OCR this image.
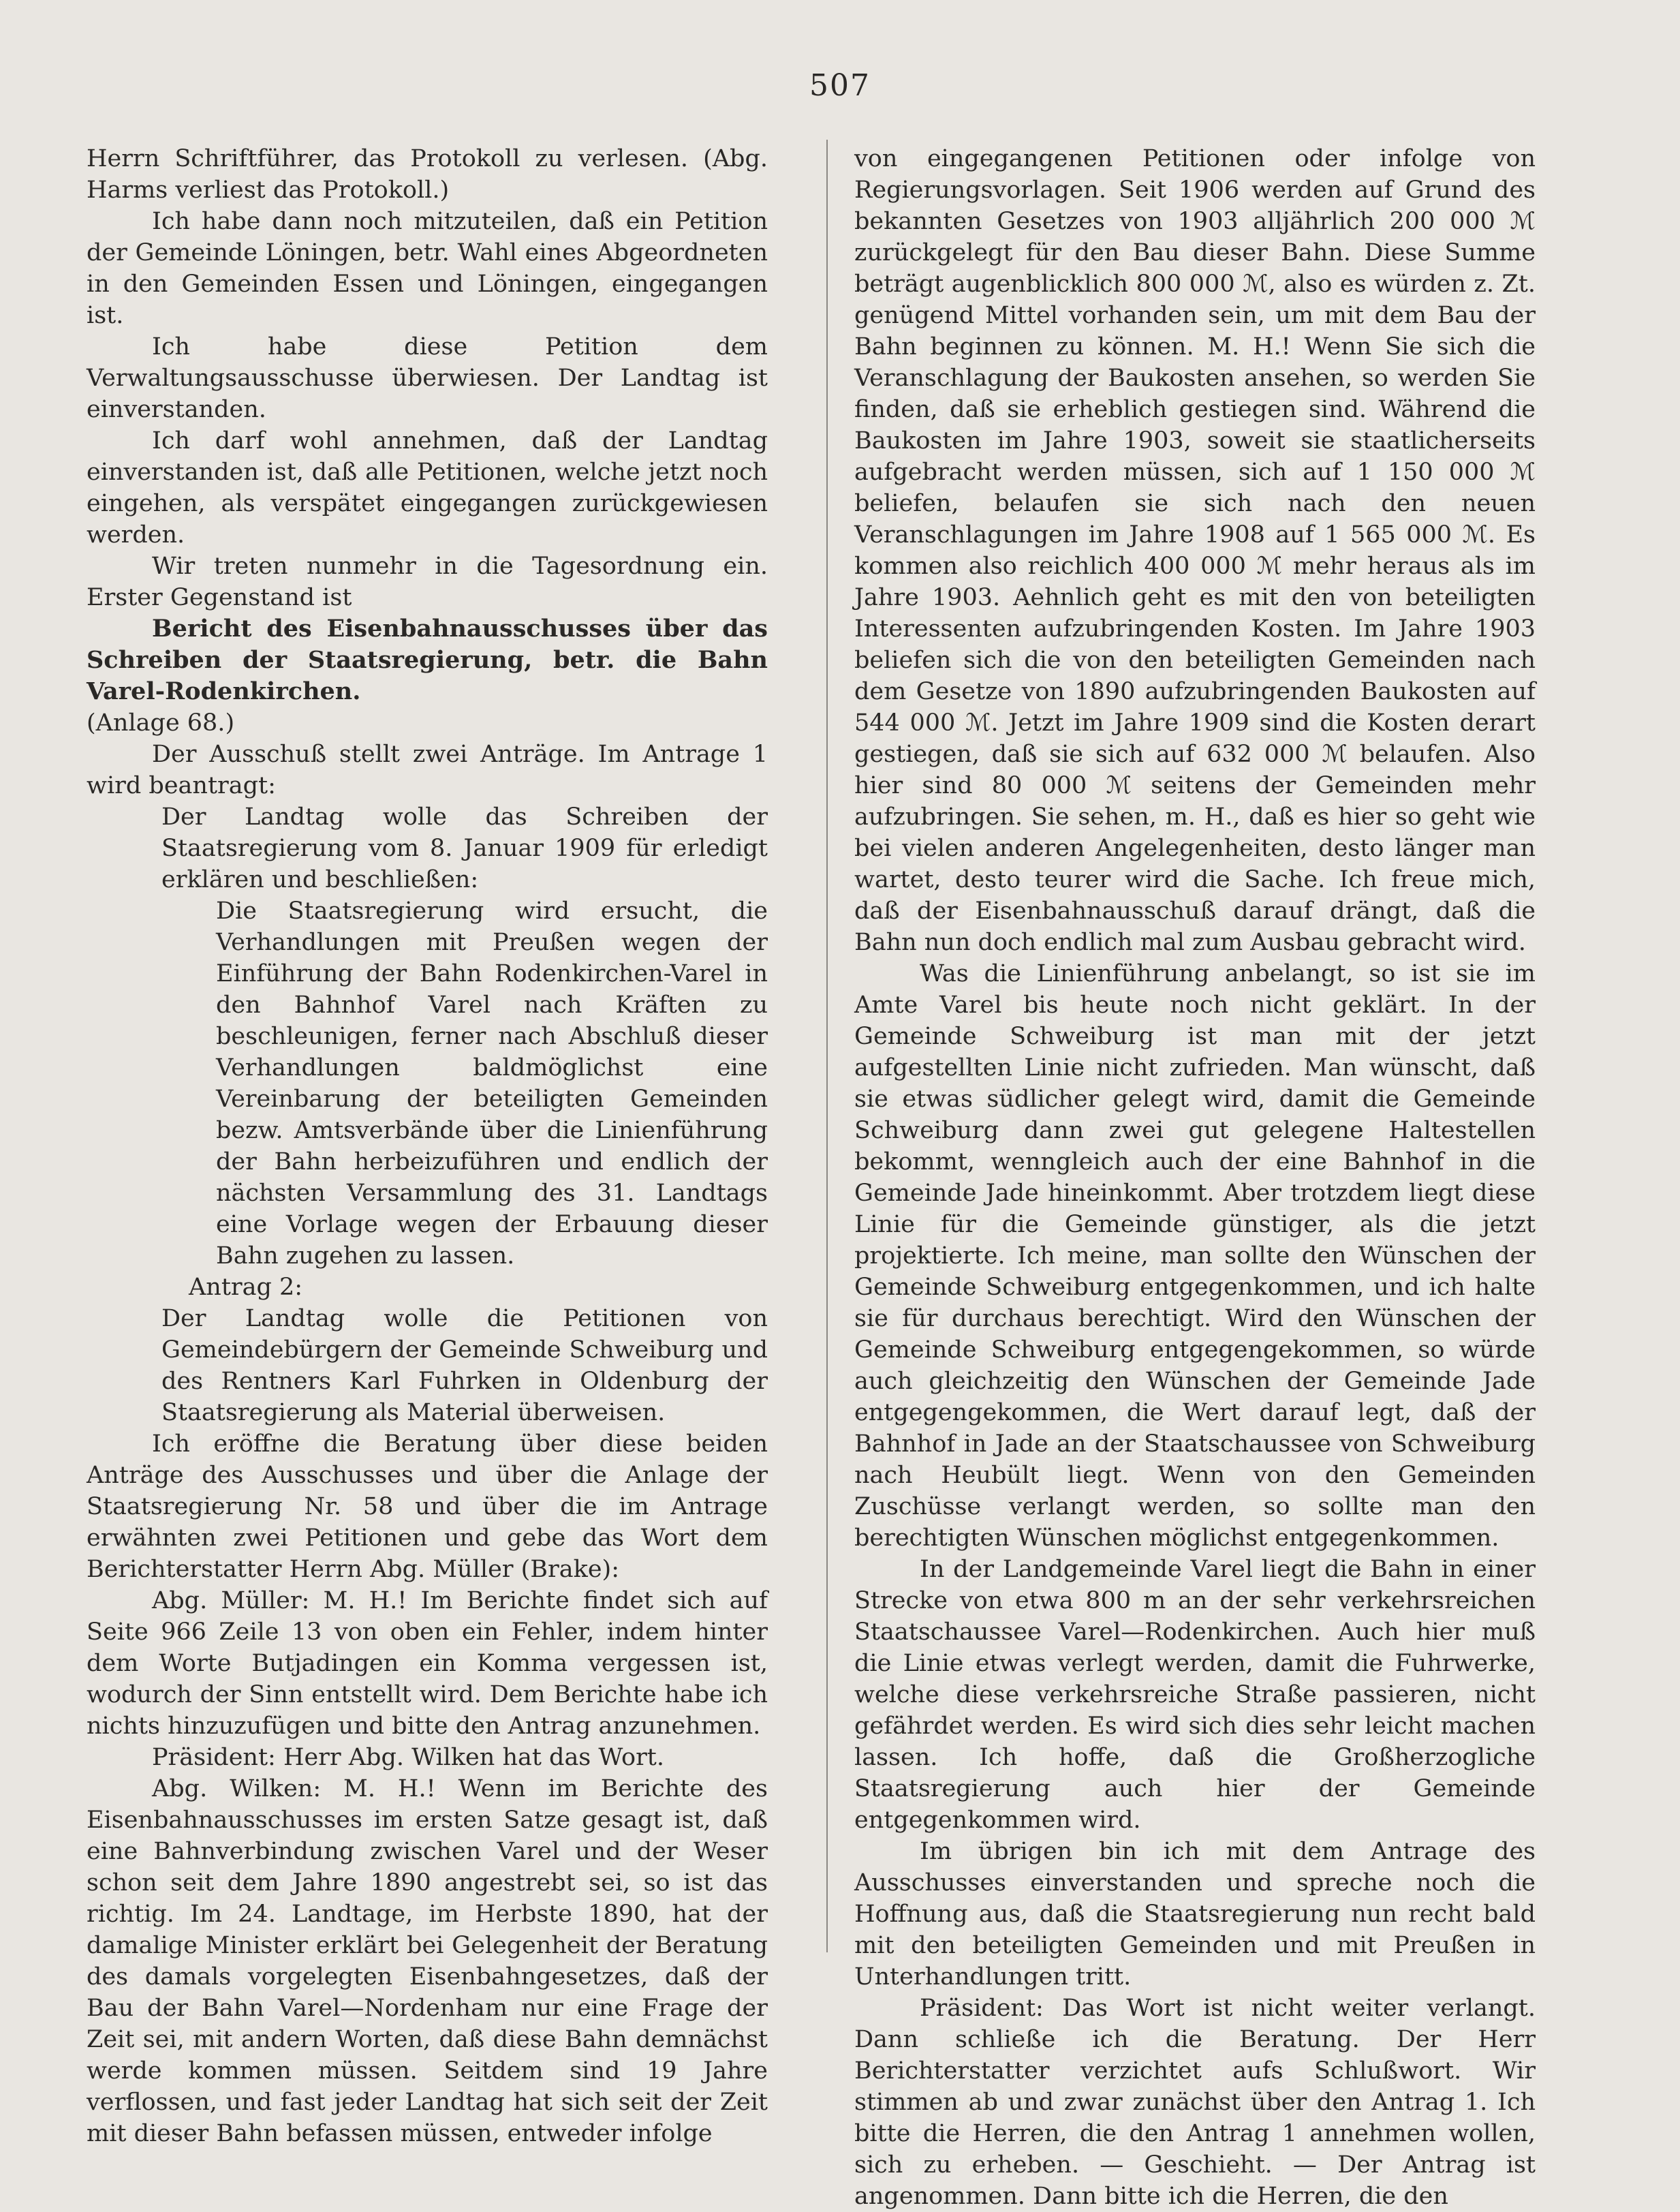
507

Herrn Schriftführer, das Protokoll zu verlesen. (Abg. Harms verliest das Protokoll.)

Ich habe dann noch mitzuteilen, daß ein Petition der Gemeinde Löningen, betr. Wahl eines Abgeordneten in den Gemeinden Essen und Löningen, eingegangen ist.

Ich habe diese Petition dem Verwaltungsausschusse überwiesen. Der Landtag ist einverstanden.

Ich darf wohl annehmen, daß der Landtag einverstanden ist, daß alle Petitionen, welche jetzt noch eingehen, als verspätet eingegangen zurückgewiesen werden.

Wir treten nunmehr in die Tagesordnung ein. Erster Gegenstand ist

Bericht des Eisenbahnausschusses über das Schreiben der Staatsregierung, betr. die Bahn Varel-Rodenkirchen.

(Anlage 68.)

Der Ausschuß stellt zwei Anträge. Im Antrage 1 wird beantragt:

Der Landtag wolle das Schreiben der Staatsregierung vom 8. Januar 1909 für erledigt erklären und beschließen:

Die Staatsregierung wird ersucht, die Verhandlungen mit Preußen wegen der Einführung der Bahn Rodenkirchen-Varel in den Bahnhof Varel nach Kräften zu beschleunigen, ferner nach Abschluß dieser Verhandlungen baldmöglichst eine Vereinbarung der beteiligten Gemeinden bezw. Amtsverbände über die Linienführung der Bahn herbeizuführen und endlich der nächsten Versammlung des 31. Landtags eine Vorlage wegen der Erbauung dieser Bahn zugehen zu lassen.

Antrag 2:

Der Landtag wolle die Petitionen von Gemeindebürgern der Gemeinde Schweiburg und des Rentners Karl Fuhrken in Oldenburg der Staatsregierung als Material überweisen.

Ich eröffne die Beratung über diese beiden Anträge des Ausschusses und über die Anlage der Staatsregierung Nr. 58 und über die im Antrage erwähnten zwei Petitionen und gebe das Wort dem Berichterstatter Herrn Abg. Müller (Brake):

Abg. Müller: M. H.! Im Berichte findet sich auf Seite 966 Zeile 13 von oben ein Fehler, indem hinter dem Worte Butjadingen ein Komma vergessen ist, wodurch der Sinn entstellt wird. Dem Berichte habe ich nichts hinzuzufügen und bitte den Antrag anzunehmen.

Präsident: Herr Abg. Wilken hat das Wort.

Abg. Wilken: M. H.! Wenn im Berichte des Eisenbahnausschusses im ersten Satze gesagt ist, daß eine Bahnverbindung zwischen Varel und der Weser schon seit dem Jahre 1890 angestrebt sei, so ist das richtig. Im 24. Landtage, im Herbste 1890, hat der damalige Minister erklärt bei Gelegenheit der Beratung des damals vorgelegten Eisenbahngesetzes, daß der Bau der Bahn Varel—Nordenham nur eine Frage der Zeit sei, mit andern Worten, daß diese Bahn demnächst werde kommen müssen. Seitdem sind 19 Jahre verflossen, und fast jeder Landtag hat sich seit der Zeit mit dieser Bahn befassen müssen, entweder infolge

von eingegangenen Petitionen oder infolge von Regierungsvorlagen. Seit 1906 werden auf Grund des bekannten Gesetzes von 1903 alljährlich 200 000 ℳ zurückgelegt für den Bau dieser Bahn. Diese Summe beträgt augenblicklich 800 000 ℳ, also es würden z. Zt. genügend Mittel vorhanden sein, um mit dem Bau der Bahn beginnen zu können. M. H.! Wenn Sie sich die Veranschlagung der Baukosten ansehen, so werden Sie finden, daß sie erheblich gestiegen sind. Während die Baukosten im Jahre 1903, soweit sie staatlicherseits aufgebracht werden müssen, sich auf 1 150 000 ℳ beliefen, belaufen sie sich nach den neuen Veranschlagungen im Jahre 1908 auf 1 565 000 ℳ. Es kommen also reichlich 400 000 ℳ mehr heraus als im Jahre 1903. Aehnlich geht es mit den von beteiligten Interessenten aufzubringenden Kosten. Im Jahre 1903 beliefen sich die von den beteiligten Gemeinden nach dem Gesetze von 1890 aufzubringenden Baukosten auf 544 000 ℳ. Jetzt im Jahre 1909 sind die Kosten derart gestiegen, daß sie sich auf 632 000 ℳ belaufen. Also hier sind 80 000 ℳ seitens der Gemeinden mehr aufzubringen. Sie sehen, m. H., daß es hier so geht wie bei vielen anderen Angelegenheiten, desto länger man wartet, desto teurer wird die Sache. Ich freue mich, daß der Eisenbahnausschuß darauf drängt, daß die Bahn nun doch endlich mal zum Ausbau gebracht wird.

Was die Linienführung anbelangt, so ist sie im Amte Varel bis heute noch nicht geklärt. In der Gemeinde Schweiburg ist man mit der jetzt aufgestellten Linie nicht zufrieden. Man wünscht, daß sie etwas südlicher gelegt wird, damit die Gemeinde Schweiburg dann zwei gut gelegene Haltestellen bekommt, wenngleich auch der eine Bahnhof in die Gemeinde Jade hineinkommt. Aber trotzdem liegt diese Linie für die Gemeinde günstiger, als die jetzt projektierte. Ich meine, man sollte den Wünschen der Gemeinde Schweiburg entgegenkommen, und ich halte sie für durchaus berechtigt. Wird den Wünschen der Gemeinde Schweiburg entgegengekommen, so würde auch gleichzeitig den Wünschen der Gemeinde Jade entgegengekommen, die Wert darauf legt, daß der Bahnhof in Jade an der Staatschaussee von Schweiburg nach Heubült liegt. Wenn von den Gemeinden Zuschüsse verlangt werden, so sollte man den berechtigten Wünschen möglichst entgegenkommen.

In der Landgemeinde Varel liegt die Bahn in einer Strecke von etwa 800 m an der sehr verkehrsreichen Staatschaussee Varel—Rodenkirchen. Auch hier muß die Linie etwas verlegt werden, damit die Fuhrwerke, welche diese verkehrsreiche Straße passieren, nicht gefährdet werden. Es wird sich dies sehr leicht machen lassen. Ich hoffe, daß die Großherzogliche Staatsregierung auch hier der Gemeinde entgegenkommen wird.

Im übrigen bin ich mit dem Antrage des Ausschusses einverstanden und spreche noch die Hoffnung aus, daß die Staatsregierung nun recht bald mit den beteiligten Gemeinden und mit Preußen in Unterhandlungen tritt.

Präsident: Das Wort ist nicht weiter verlangt. Dann schließe ich die Beratung. Der Herr Berichterstatter verzichtet aufs Schlußwort. Wir stimmen ab und zwar zunächst über den Antrag 1. Ich bitte die Herren, die den Antrag 1 annehmen wollen, sich zu erheben. — Geschieht. — Der Antrag ist angenommen. Dann bitte ich die Herren, die den
